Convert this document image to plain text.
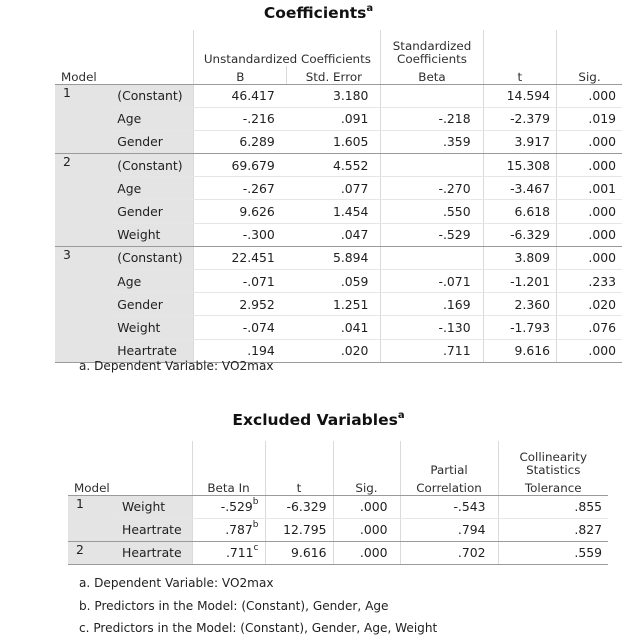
Coefficients$^a$
		Unstandardized Coefficients		Standardized
Coefficients		
Model		B	Std. Error	Beta	t	Sig.
1	(Constant)	46.417	3.180		14.594	.000
	Age	-.216	.091	-.218	-2.379	.019
	Gender	6.289	1.605	.359	3.917	.000
2	(Constant)	69.679	4.552		15.308	.000
	Age	-.267	.077	-.270	-3.467	.001
	Gender	9.626	1.454	.550	6.618	.000
	Weight	-.300	.047	-.529	-6.329	.000
3	(Constant)	22.451	5.894		3.809	.000
	Age	-.071	.059	-.071	-1.201	.233
	Gender	2.952	1.251	.169	2.360	.020
	Weight	-.074	.041	-.130	-1.793	.076
	Heartrate	.194	.020	.711	9.616	.000
a. Dependent Variable: VO2max
Excluded Variables$^a$
					Partial	Collinearity
Statistics
Model		Beta In	t	Sig.	Correlation	Tolerance
1	Weight	-.529$^b$	-6.329	.000	-.543	.855
	Heartrate	.787$^b$	12.795	.000	.794	.827
2	Heartrate	.711$^c$	9.616	.000	.702	.559
a. Dependent Variable: VO2max
b. Predictors in the Model: (Constant), Gender, Age
c. Predictors in the Model: (Constant), Gender, Age, Weight
